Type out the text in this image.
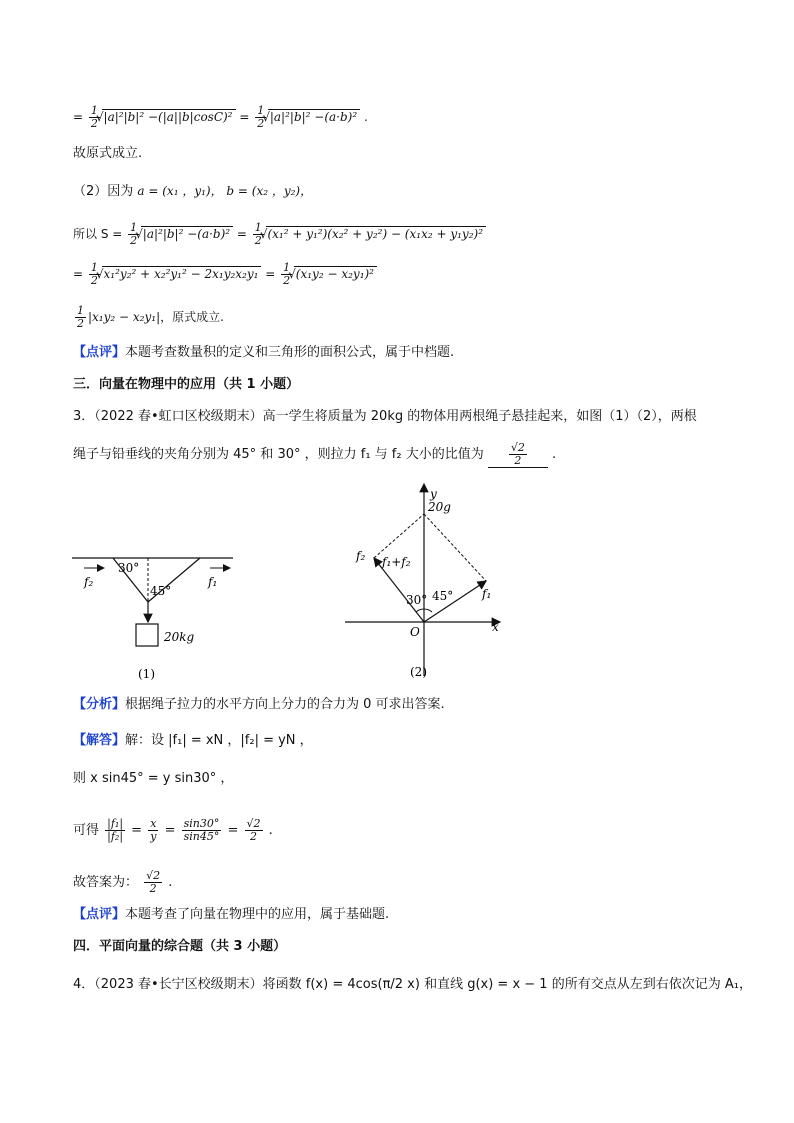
= $\frac{1}{2}$ √ $|a|^2|b|^2 -(|a||b|\cos C)^2 = \frac{1}{2}$ √ |a|²|b|² −(a·b)² .
故原式成立.
（2）因为 a = (x₁ ，y₁)， b = (x₂ ，y₂)，
所以 $S = \frac{1}{2}$ √ $|a|^2|b|^2 -(a\cdot b)^2 = \frac{1}{2}$ √ (x₁² + y₁²)(x₂² + y₂²) − (x₁x₂ + y₁y₂)²
= $\frac{1}{2}$ √ $x_1^2y_2^2 + x_2^2y_1^2 - 2x_1y_2x_2y_1 = \frac{1}{2}$ √ (x₁y₂ − x₂y₁)²
$\frac{1}{2} |x_1y_2 - x_2y_1|$，原式成立.
【点评】本题考查数量积的定义和三角形的面积公式，属于中档题.
三．向量在物理中的应用（共 1 小题）
3．（2022 春•虹口区校级期末）高一学生将质量为 20kg 的物体用两根绳子悬挂起来，如图（1）（2），两根
绳子与铅垂线的夹角分别为 45° 和 30° ，则拉力 f₁ 与 f₂ 大小的比值为 $\frac{√2}{2}$ .
30°
45°
f₂	f₁
20kg
(1)
y
x
O
20g
f₂
f₁
f₁+f₂
30° 45°
(2)
【分析】根据绳子拉力的水平方向上分力的合力为 0 可求出答案.
【解答】解：设 |f₁| = xN ，|f₂| = yN ，
则 x sin45° = y sin30° ，
可得 $\frac{\text{|f₁|}}{\text{|f₂|}} = \frac{x}{y} = \frac{\sin 30^\circ}{\sin 45^\circ} = \frac{√2}{2}$ .
故答案为： $\frac{√2}{2}$ .
【点评】本题考查了向量在物理中的应用，属于基础题.
四．平面向量的综合题（共 3 小题）
4．（2023 春•长宁区校级期末）将函数 f(x) = 4cos(π/2 x) 和直线 g(x) = x − 1 的所有交点从左到右依次记为 A₁，
